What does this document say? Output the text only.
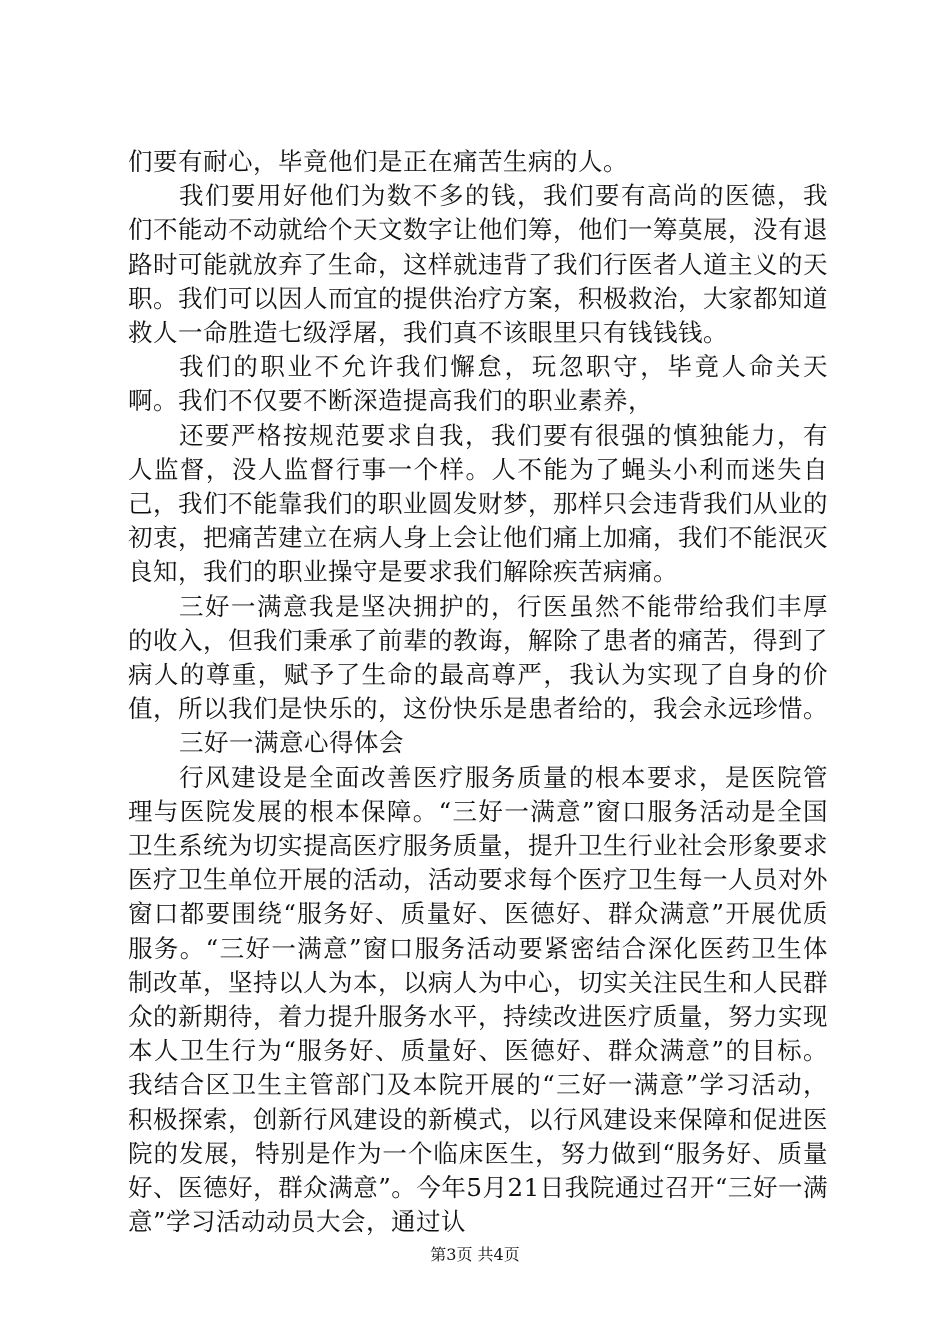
们要有耐心，毕竟他们是正在痛苦生病的人。

我们要用好他们为数不多的钱，我们要有高尚的医德，我们不能动不动就给个天文数字让他们筹，他们一筹莫展，没有退路时可能就放弃了生命，这样就违背了我们行医者人道主义的天职。我们可以因人而宜的提供治疗方案，积极救治，大家都知道救人一命胜造七级浮屠，我们真不该眼里只有钱钱钱。

我们的职业不允许我们懈怠，玩忽职守，毕竟人命关天啊。我们不仅要不断深造提高我们的职业素养，

还要严格按规范要求自我，我们要有很强的慎独能力，有人监督，没人监督行事一个样。人不能为了蝇头小利而迷失自己，我们不能靠我们的职业圆发财梦，那样只会违背我们从业的初衷，把痛苦建立在病人身上会让他们痛上加痛，我们不能泯灭良知，我们的职业操守是要求我们解除疾苦病痛。

三好一满意我是坚决拥护的，行医虽然不能带给我们丰厚的收入，但我们秉承了前辈的教诲，解除了患者的痛苦，得到了病人的尊重，赋予了生命的最高尊严，我认为实现了自身的价值，所以我们是快乐的，这份快乐是患者给的，我会永远珍惜。

三好一满意心得体会

行风建设是全面改善医疗服务质量的根本要求，是医院管理与医院发展的根本保障。“三好一满意”窗口服务活动是全国卫生系统为切实提高医疗服务质量，提升卫生行业社会形象要求医疗卫生单位开展的活动，活动要求每个医疗卫生每一人员对外窗口都要围绕“服务好、质量好、医德好、群众满意”开展优质服务。“三好一满意”窗口服务活动要紧密结合深化医药卫生体制改革，坚持以人为本，以病人为中心，切实关注民生和人民群众的新期待，着力提升服务水平，持续改进医疗质量，努力实现本人卫生行为“服务好、质量好、医德好、群众满意”的目标。我结合区卫生主管部门及本院开展的“三好一满意”学习活动，积极探索，创新行风建设的新模式，以行风建设来保障和促进医院的发展，特别是作为一个临床医生，努力做到“服务好、质量好、医德好，群众满意”。今年5月21日我院通过召开“三好一满意”学习活动动员大会，通过认

第3页 共4页
